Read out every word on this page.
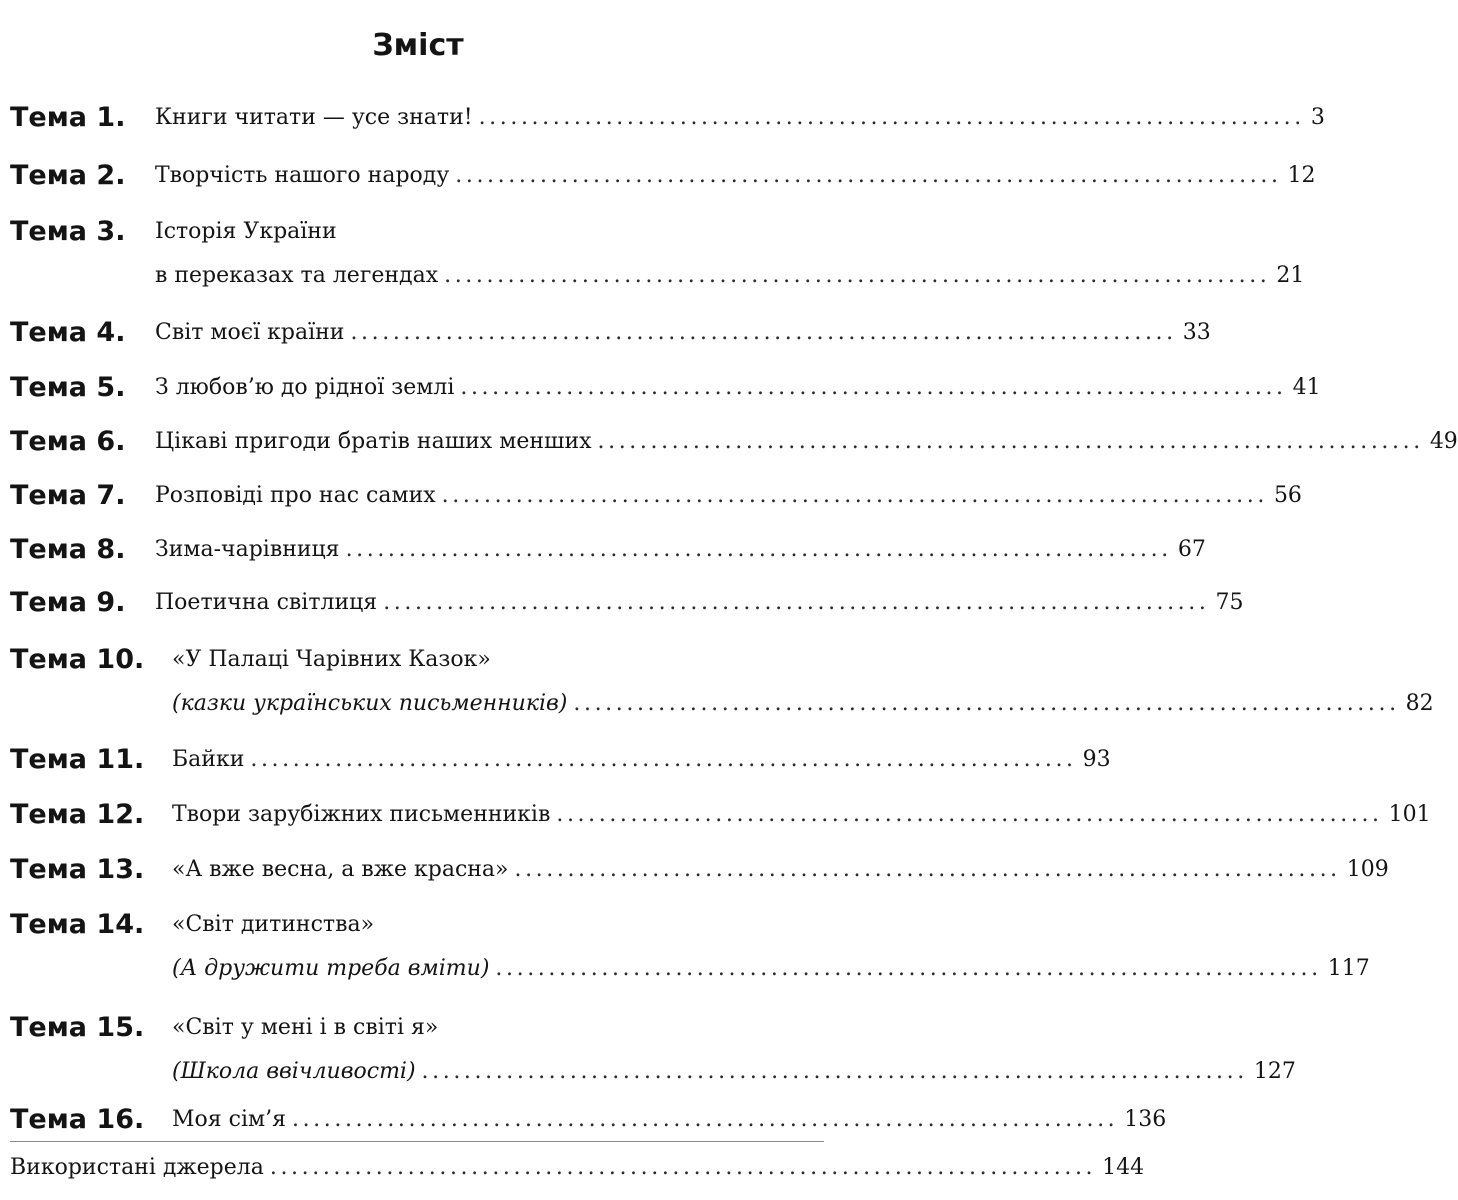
Зміст
Тема 1. Книги читати — усе знати! .............................................................................. 3
Тема 2. Творчість нашого народу .............................................................................. 12
Тема 3. Історія України
в переказах та легендах .............................................................................. 21
Тема 4. Світ моєї країни .............................................................................. 33
Тема 5. З любов’ю до рідної землі .............................................................................. 41
Тема 6. Цікаві пригоди братів наших менших .............................................................................. 49
Тема 7. Розповіді про нас самих .............................................................................. 56
Тема 8. Зима-чарівниця .............................................................................. 67
Тема 9. Поетична світлиця .............................................................................. 75
Тема 10. «У Палаці Чарівних Казок»
(казки українських письменників) .............................................................................. 82
Тема 11. Байки .............................................................................. 93
Тема 12. Твори зарубіжних письменників .............................................................................. 101
Тема 13. «А вже весна, а вже красна» .............................................................................. 109
Тема 14. «Світ дитинства»
(А дружити треба вміти) .............................................................................. 117
Тема 15. «Світ у мені і в світі я»
(Школа ввічливості) .............................................................................. 127
Тема 16. Моя сім’я .............................................................................. 136
Використані джерела .............................................................................. 144
